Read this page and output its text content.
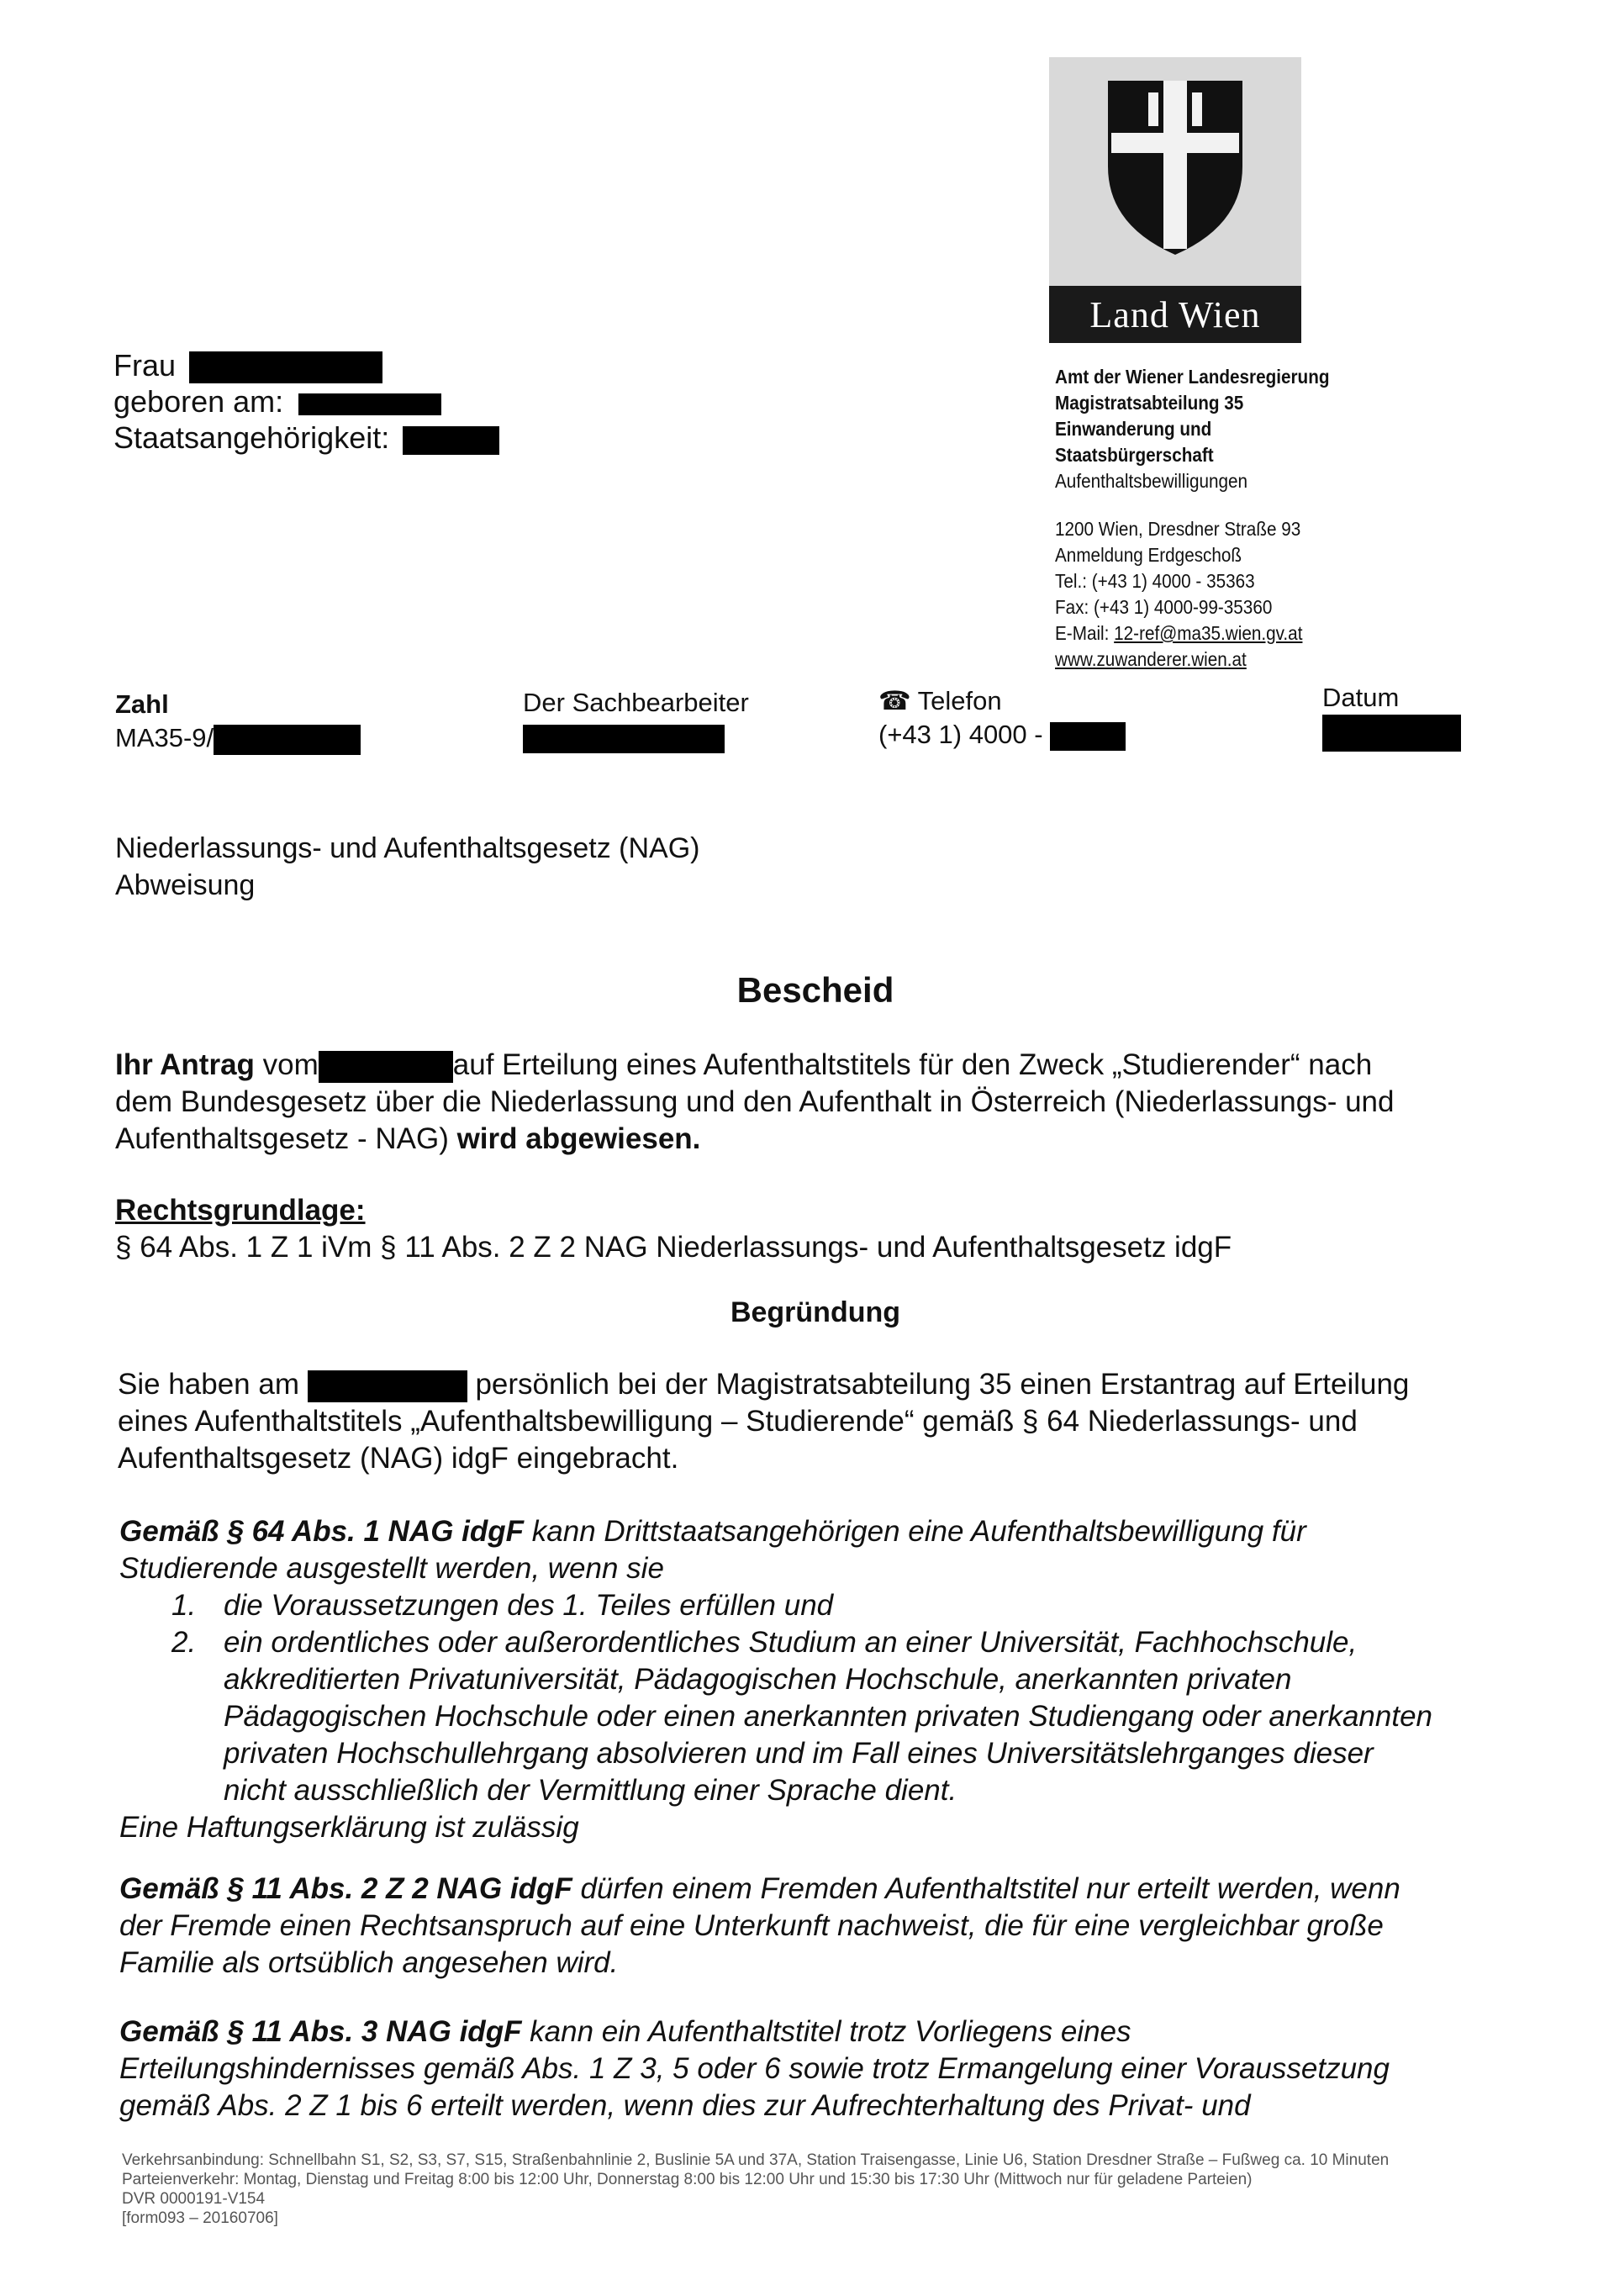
Land Wien
Frau
geboren am:
Staatsangehörigkeit:
Amt der Wiener Landesregierung
Magistratsabteilung 35
Einwanderung und Staatsbürgerschaft
Aufenthaltsbewilligungen
1200 Wien, Dresdner Straße 93
Anmeldung Erdgeschoß
Tel.: (+43 1) 4000 - 35363
Fax: (+43 1) 4000-99-35360
E-Mail: 12-ref@ma35.wien.gv.at
www.zuwanderer.wien.at
Zahl
MA35-9/
Der Sachbearbeiter	☎ Telefon
(+43 1) 4000 -
Datum
Niederlassungs- und Aufenthaltsgesetz (NAG)
Abweisung
Bescheid
Ihr Antrag vom	auf Erteilung eines Aufenthaltstitels für den Zweck „Studierender“ nach
dem Bundesgesetz über die Niederlassung und den Aufenthalt in Österreich (Niederlassungs- und
Aufenthaltsgesetz - NAG) wird abgewiesen.
Rechtsgrundlage:
§ 64 Abs. 1 Z 1 iVm § 11 Abs. 2 Z 2 NAG Niederlassungs- und Aufenthaltsgesetz idgF
Begründung
Sie haben am	persönlich bei der Magistratsabteilung 35 einen Erstantrag auf Erteilung
eines Aufenthaltstitels „Aufenthaltsbewilligung – Studierende“ gemäß § 64 Niederlassungs- und
Aufenthaltsgesetz (NAG) idgF eingebracht.
Gemäß § 64 Abs. 1 NAG idgF kann Drittstaatsangehörigen eine Aufenthaltsbewilligung für
Studierende ausgestellt werden, wenn sie
1. die Voraussetzungen des 1. Teiles erfüllen und
2. ein ordentliches oder außerordentliches Studium an einer Universität, Fachhochschule,
akkreditierten Privatuniversität, Pädagogischen Hochschule, anerkannten privaten
Pädagogischen Hochschule oder einen anerkannten privaten Studiengang oder anerkannten
privaten Hochschullehrgang absolvieren und im Fall eines Universitätslehrganges dieser
nicht ausschließlich der Vermittlung einer Sprache dient.
Eine Haftungserklärung ist zulässig
Gemäß § 11 Abs. 2 Z 2 NAG idgF dürfen einem Fremden Aufenthaltstitel nur erteilt werden, wenn
der Fremde einen Rechtsanspruch auf eine Unterkunft nachweist, die für eine vergleichbar große
Familie als ortsüblich angesehen wird.
Gemäß § 11 Abs. 3 NAG idgF kann ein Aufenthaltstitel trotz Vorliegens eines
Erteilungshindernisses gemäß Abs. 1 Z 3, 5 oder 6 sowie trotz Ermangelung einer Voraussetzung
gemäß Abs. 2 Z 1 bis 6 erteilt werden, wenn dies zur Aufrechterhaltung des Privat- und
Verkehrsanbindung: Schnellbahn S1, S2, S3, S7, S15, Straßenbahnlinie 2, Buslinie 5A und 37A, Station Traisengasse, Linie U6, Station Dresdner Straße – Fußweg ca. 10 Minuten
Parteienverkehr: Montag, Dienstag und Freitag 8:00 bis 12:00 Uhr, Donnerstag 8:00 bis 12:00 Uhr und 15:30 bis 17:30 Uhr (Mittwoch nur für geladene Parteien)
DVR 0000191-V154
[form093 – 20160706]
